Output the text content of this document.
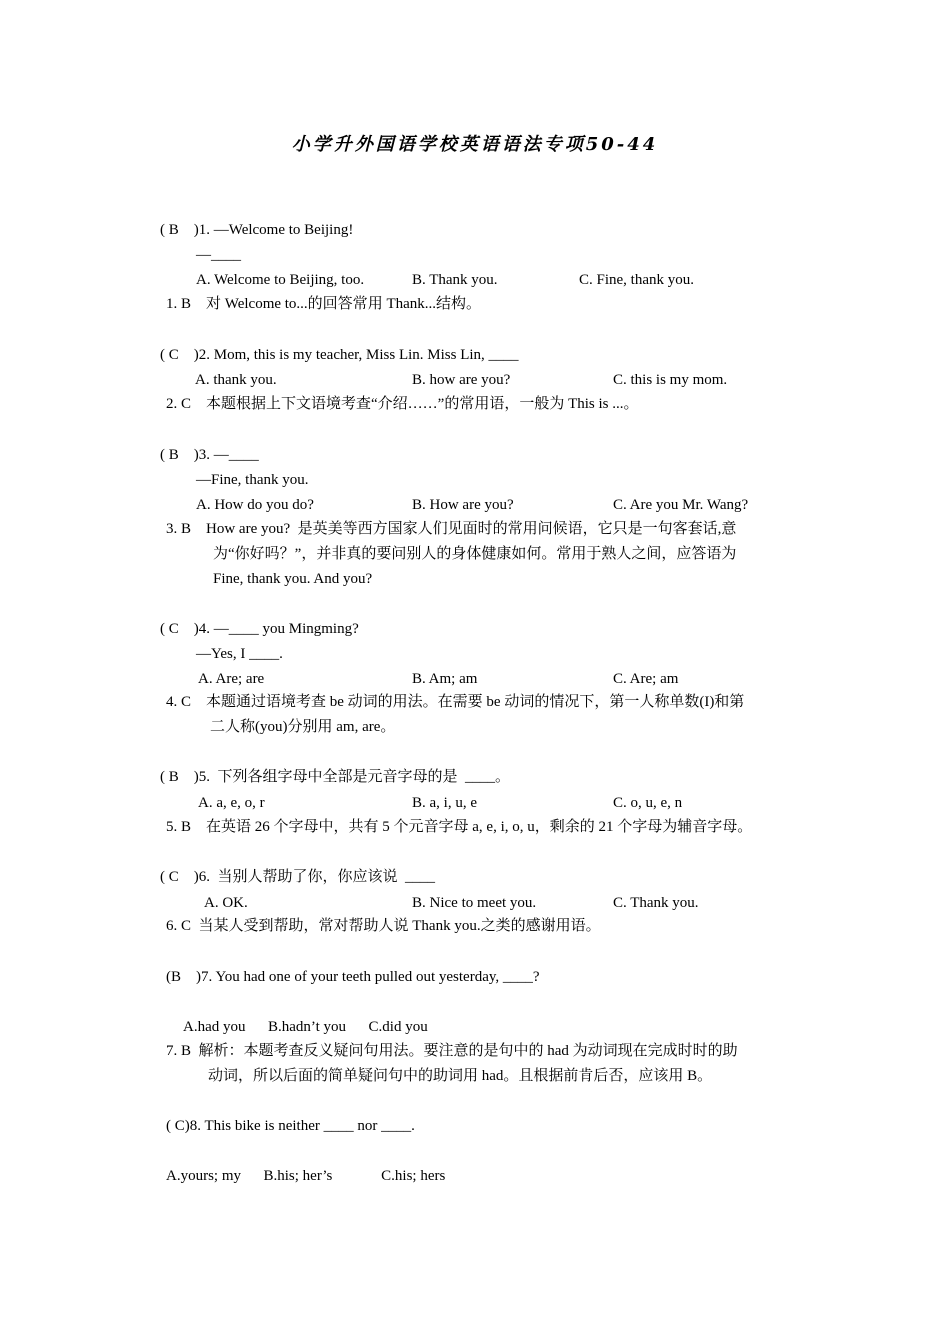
小学升外国语学校英语语法专项50-44
( B    )1. —Welcome to Beijing!
—____
A. Welcome to Beijing, too.	B. Thank you.	C. Fine, thank you.
1. B    对 Welcome to...的回答常用 Thank...结构。
( C    )2. Mom, this is my teacher, Miss Lin. Miss Lin, ____
A. thank you.	B. how are you?	C. this is my mom.
2. C    本题根据上下文语境考查“介绍……”的常用语，一般为 This is ...。
( B    )3. —____
—Fine, thank you.
A. How do you do?	B. How are you?	C. Are you Mr. Wang?
3. B    How are you?  是英美等西方国家人们见面时的常用问候语，它只是一句客套话,意
为“你好吗？”，并非真的要问别人的身体健康如何。常用于熟人之间，应答语为
Fine, thank you. And you?
( C    )4. —____ you Mingming?
—Yes, I ____.
A. Are; are	B. Am; am	C. Are; am
4. C    本题通过语境考查 be 动词的用法。在需要 be 动词的情况下，第一人称单数(I)和第
二人称(you)分别用 am, are。
( B    )5.  下列各组字母中全部是元音字母的是  ____。
A. a, e, o, r	B. a, i, u, e	C. o, u, e, n
5. B    在英语 26 个字母中，共有 5 个元音字母 a, e, i, o, u，剩余的 21 个字母为辅音字母。
( C    )6.  当别人帮助了你，你应该说  ____
A. OK.	B. Nice to meet you.	C. Thank you.
6. C  当某人受到帮助，常对帮助人说 Thank you.之类的感谢用语。
(B    )7. You had one of your teeth pulled out yesterday, ____?
A.had you      B.hadn’t you      C.did you
7. B  解析：本题考查反义疑问句用法。要注意的是句中的 had 为动词现在完成时时的助
动词，所以后面的简单疑问句中的助词用 had。且根据前肯后否，应该用 B。
( C)8. This bike is neither ____ nor ____.
A.yours; my      B.his; her’s             C.his; hers
